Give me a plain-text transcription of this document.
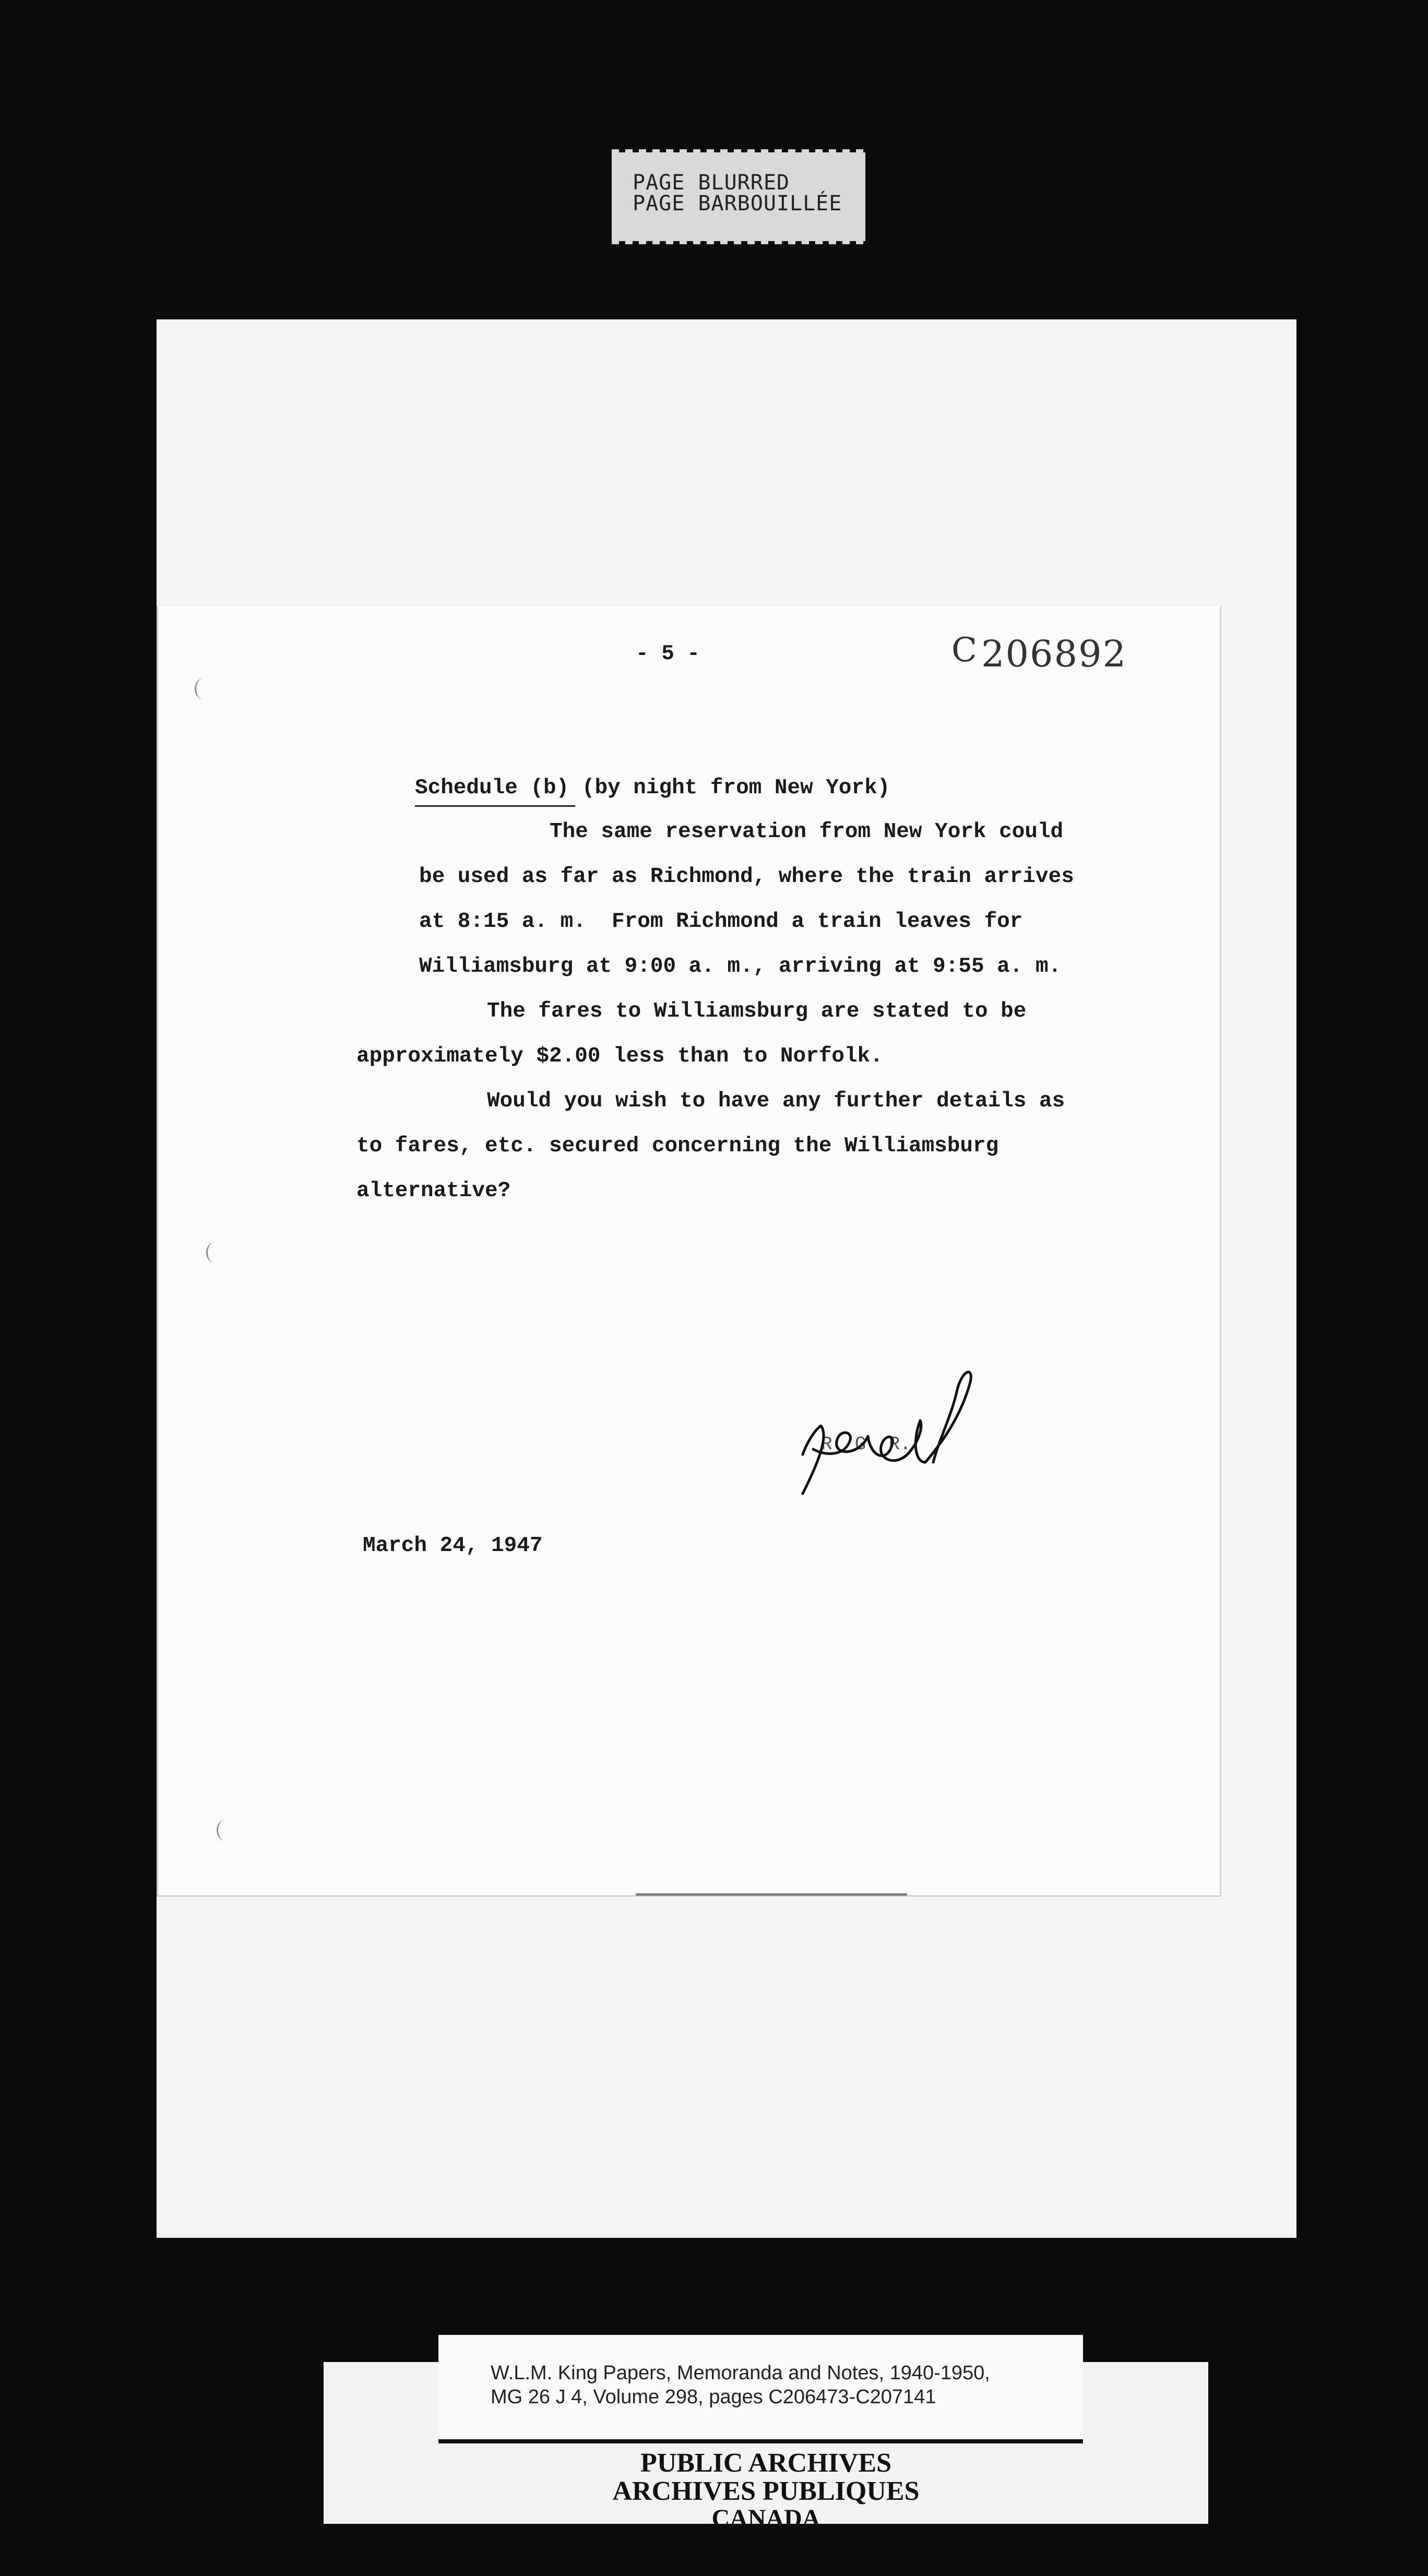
PAGE BLURRED
PAGE BARBOUILLÉE
- 5 -	C206892
Schedule (b) (by night from New York)
The same reservation from New York could
be used as far as Richmond, where the train arrives
at 8:15 a. m.  From Richmond a train leaves for
Williamsburg at 9:00 a. m., arriving at 9:55 a. m.
The fares to Williamsburg are stated to be
approximately $2.00 less than to Norfolk.
Would you wish to have any further details as
to fares, etc. secured concerning the Williamsburg
alternative?
R. G. R.
March 24, 1947
PUBLIC ARCHIVES
ARCHIVES PUBLIQUES
CANADA
W.L.M. King Papers, Memoranda and Notes, 1940-1950,
MG 26 J 4, Volume 298, pages C206473-C207141
